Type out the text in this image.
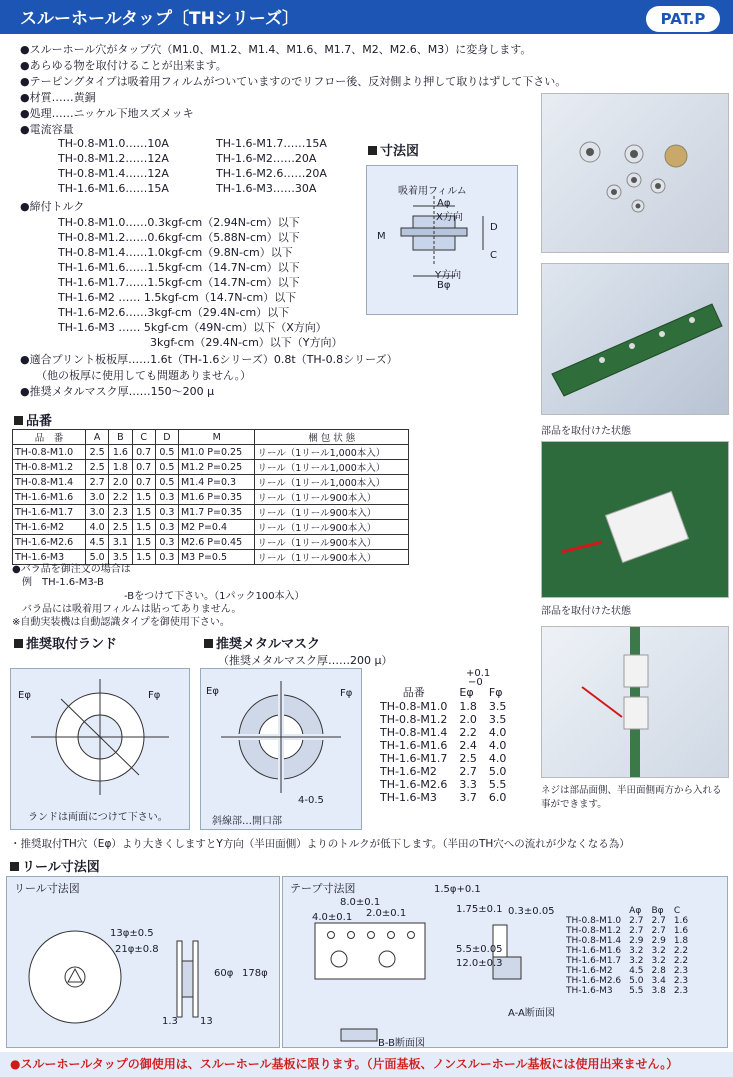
スルーホールタップ〔THシリーズ〕	PAT.P
●スルーホール穴がタップ穴（M1.0、M1.2、M1.4、M1.6、M1.7、M2、M2.6、M3）に変身します。
●あらゆる物を取付けることが出来ます。
●テーピングタイプは吸着用フィルムがついていますのでリフロー後、反対側より押して取りはずして下さい。
●材質……黄銅
●処理……ニッケル下地スズメッキ
●電流容量
TH-0.8-M1.0……10A
TH-0.8-M1.2……12A
TH-0.8-M1.4……12A
TH-1.6-M1.6……15A
TH-1.6-M1.7……15A
TH-1.6-M2……20A
TH-1.6-M2.6……20A
TH-1.6-M3……30A
●締付トルク
TH-0.8-M1.0……0.3kgf-cm（2.94N-cm）以下
TH-0.8-M1.2……0.6kgf-cm（5.88N-cm）以下
TH-0.8-M1.4……1.0kgf-cm（9.8N-cm）以下
TH-1.6-M1.6……1.5kgf-cm（14.7N-cm）以下
TH-1.6-M1.7……1.5kgf-cm（14.7N-cm）以下
TH-1.6-M2 …… 1.5kgf-cm（14.7N-cm）以下
TH-1.6-M2.6……3kgf-cm（29.4N-cm）以下
TH-1.6-M3 …… 5kgf-cm（49N-cm）以下（X方向）
3kgf-cm（29.4N-cm）以下（Y方向）
●適合プリント板板厚……1.6t（TH-1.6シリーズ）0.8t（TH-0.8シリーズ）
（他の板厚に使用しても問題ありません。）
●推奨メタルマスク厚……150〜200 μ
寸法図
吸着用フィルム
Aφ
X方向
M
D
C
Y方向
Bφ
部品を取付けた状態
部品を取付けた状態
ネジは部品面側、半田面側両方から入れる事ができます。
品番
品　番	A	B	C	D	M	梱 包 状 態
TH-0.8-M1.0	2.5	1.6	0.7	0.5	M1.0 P=0.25	リール（1リール1,000本入）
TH-0.8-M1.2	2.5	1.8	0.7	0.5	M1.2 P=0.25	リール（1リール1,000本入）
TH-0.8-M1.4	2.7	2.0	0.7	0.5	M1.4 P=0.3	リール（1リール1,000本入）
TH-1.6-M1.6	3.0	2.2	1.5	0.3	M1.6 P=0.35	リール（1リール900本入）
TH-1.6-M1.7	3.0	2.3	1.5	0.3	M1.7 P=0.35	リール（1リール900本入）
TH-1.6-M2	4.0	2.5	1.5	0.3	M2 P=0.4	リール（1リール900本入）
TH-1.6-M2.6	4.5	3.1	1.5	0.3	M2.6 P=0.45	リール（1リール900本入）
TH-1.6-M3	5.0	3.5	1.5	0.3	M3 P=0.5	リール（1リール900本入）
●バラ品を御注文の場合は
例　TH-1.6-M3-B
-Bをつけて下さい。（1パック100本入）
バラ品には吸着用フィルムは貼ってありません。
※自動実装機は自動認識タイプを御使用下さい。
推奨取付ランド	推奨メタルマスク
（推奨メタルマスク厚……200 μ）
Eφ	Fφ
ランドは両面につけて下さい。
Eφ	Fφ
4-0.5
斜線部…開口部
+0.1
−0
品番	Eφ	Fφ
TH-0.8-M1.0	1.8	3.5
TH-0.8-M1.2	2.0	3.5
TH-0.8-M1.4	2.2	4.0
TH-1.6-M1.6	2.4	4.0
TH-1.6-M1.7	2.5	4.0
TH-1.6-M2	2.7	5.0
TH-1.6-M2.6	3.3	5.5
TH-1.6-M3	3.7	6.0
・推奨取付TH穴（Eφ）より大きくしますとY方向（半田面側）よりのトルクが低下します。（半田のTH穴への流れが少なくなる為）
リール寸法図
リール寸法図
13φ±0.5
21φ±0.8
60φ 178φ
1.3 13
テープ寸法図
8.0±0.1
4.0±0.1 2.0±0.1
1.5φ+0.1
1.75±0.1
5.5±0.05
12.0±0.3
0.3±0.05
B-B断面図
A-A断面図
	Aφ	Bφ	C
TH-0.8-M1.0	2.7	2.7	1.6
TH-0.8-M1.2	2.7	2.7	1.6
TH-0.8-M1.4	2.9	2.9	1.8
TH-1.6-M1.6	3.2	3.2	2.2
TH-1.6-M1.7	3.2	3.2	2.2
TH-1.6-M2	4.5	2.8	2.3
TH-1.6-M2.6	5.0	3.4	2.3
TH-1.6-M3	5.5	3.8	2.3
●スルーホールタップの御使用は、スルーホール基板に限ります。（片面基板、ノンスルーホール基板には使用出来ません。）
